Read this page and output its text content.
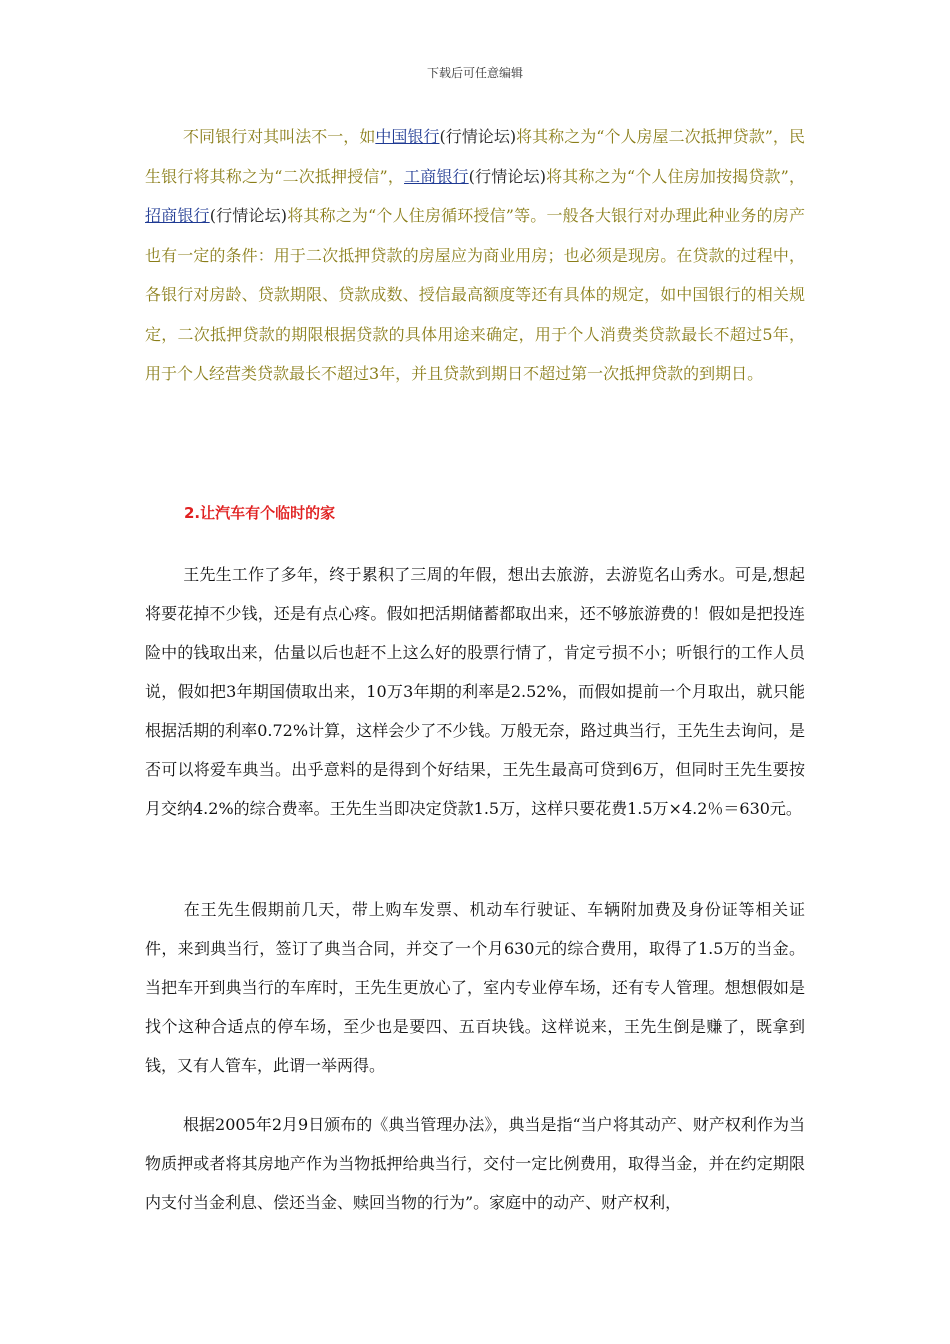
下载后可任意编辑

不同银行对其叫法不一，如中国银行(行情论坛)将其称之为“个人房屋二次抵押贷款”，民生银行将其称之为“二次抵押授信”，工商银行(行情论坛)将其称之为“个人住房加按揭贷款”，招商银行(行情论坛)将其称之为“个人住房循环授信”等。一般各大银行对办理此种业务的房产也有一定的条件：用于二次抵押贷款的房屋应为商业用房；也必须是现房。在贷款的过程中，各银行对房龄、贷款期限、贷款成数、授信最高额度等还有具体的规定，如中国银行的相关规定，二次抵押贷款的期限根据贷款的具体用途来确定，用于个人消费类贷款最长不超过5年，用于个人经营类贷款最长不超过3年，并且贷款到期日不超过第一次抵押贷款的到期日。

2.让汽车有个临时的家

王先生工作了多年，终于累积了三周的年假，想出去旅游，去游览名山秀水。可是,想起将要花掉不少钱，还是有点心疼。假如把活期储蓄都取出来，还不够旅游费的！假如是把投连险中的钱取出来，估量以后也赶不上这么好的股票行情了，肯定亏损不小；听银行的工作人员说，假如把3年期国债取出来，10万3年期的利率是2.52%，而假如提前一个月取出，就只能根据活期的利率0.72%计算，这样会少了不少钱。万般无奈，路过典当行，王先生去询问，是否可以将爱车典当。出乎意料的是得到个好结果，王先生最高可贷到6万，但同时王先生要按月交纳4.2%的综合费率。王先生当即决定贷款1.5万，这样只要花费1.5万×4.2％＝630元。

在王先生假期前几天，带上购车发票、机动车行驶证、车辆附加费及身份证等相关证件，来到典当行，签订了典当合同，并交了一个月630元的综合费用，取得了1.5万的当金。当把车开到典当行的车库时，王先生更放心了，室内专业停车场，还有专人管理。想想假如是找个这种合适点的停车场，至少也是要四、五百块钱。这样说来，王先生倒是赚了，既拿到钱，又有人管车，此谓一举两得。

根据2005年2月9日颁布的《典当管理办法》，典当是指“当户将其动产、财产权利作为当物质押或者将其房地产作为当物抵押给典当行，交付一定比例费用，取得当金，并在约定期限内支付当金利息、偿还当金、赎回当物的行为”。家庭中的动产、财产权利，
